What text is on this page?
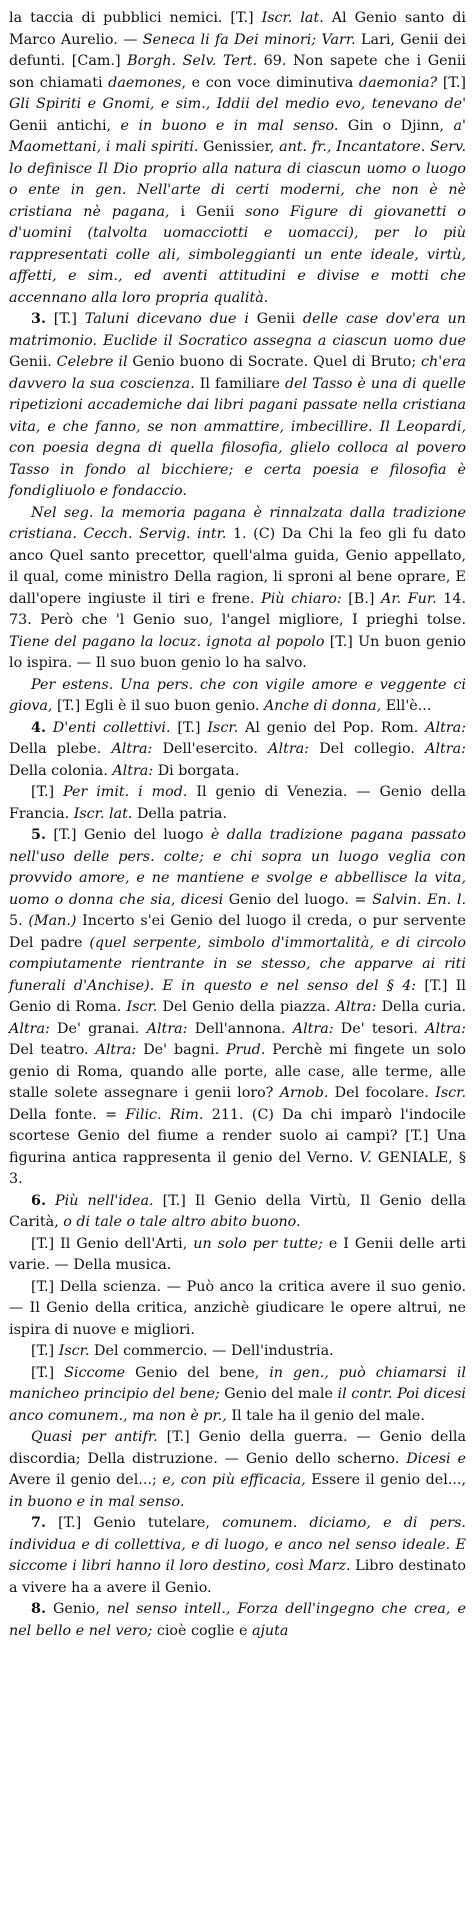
la taccia di pubblici nemici. [T.] Iscr. lat. Al Genio santo di Marco Aurelio. — Seneca li fa Dei minori; Varr. Lari, Genii dei defunti. [Cam.] Borgh. Selv. Tert. 69. Non sapete che i Genii son chiamati daemones, e con voce diminutiva daemonia? [T.] Gli Spiriti e Gnomi, e sim., Iddii del medio evo, tenevano de' Genii antichi, e in buono e in mal senso. Gin o Djinn, a' Maomettani, i mali spiriti. Genissier, ant. fr., Incantatore. Serv. lo definisce Il Dio proprio alla natura di ciascun uomo o luogo o ente in gen. Nell'arte di certi moderni, che non è nè cristiana nè pagana, i Genii sono Figure di giovanetti o d'uomini (talvolta uomacciotti e uomacci), per lo più rappresentati colle ali, simboleggianti un ente ideale, virtù, affetti, e sim., ed aventi attitudini e divise e motti che accennano alla loro propria qualità.

3. [T.] Taluni dicevano due i Genii delle case dov'era un matrimonio. Euclide il Socratico assegna a ciascun uomo due Genii. Celebre il Genio buono di Socrate. Quel di Bruto; ch'era davvero la sua coscienza. Il familiare del Tasso è una di quelle ripetizioni accademiche dai libri pagani passate nella cristiana vita, e che fanno, se non ammattire, imbecillire. Il Leopardi, con poesia degna di quella filosofia, glielo colloca al povero Tasso in fondo al bicchiere; e certa poesia e filosofia è fondigliuolo e fondaccio.

Nel seg. la memoria pagana è rinnalzata dalla tradizione cristiana. Cecch. Servig. intr. 1. (C) Da Chi la feo gli fu dato anco Quel santo precettor, quell'alma guida, Genio appellato, il qual, come ministro Della ragion, li sproni al bene oprare, E dall'opere ingiuste il tiri e frene. Più chiaro: [B.] Ar. Fur. 14. 73. Però che 'l Genio suo, l'angel migliore, I prieghi tolse. Tiene del pagano la locuz. ignota al popolo [T.] Un buon genio lo ispira. — Il suo buon genio lo ha salvo.

Per estens. Una pers. che con vigile amore e veggente ci giova, [T.] Egli è il suo buon genio. Anche di donna, Ell'è...

4. D'enti collettivi. [T.] Iscr. Al genio del Pop. Rom. Altra: Della plebe. Altra: Dell'esercito. Altra: Del collegio. Altra: Della colonia. Altra: Di borgata.

[T.] Per imit. i mod. Il genio di Venezia. — Genio della Francia. Iscr. lat. Della patria.

5. [T.] Genio del luogo è dalla tradizione pagana passato nell'uso delle pers. colte; e chi sopra un luogo veglia con provvido amore, e ne mantiene e svolge e abbellisce la vita, uomo o donna che sia, dicesi Genio del luogo. = Salvin. En. l. 5. (Man.) Incerto s'ei Genio del luogo il creda, o pur servente Del padre (quel serpente, simbolo d'immortalità, e di circolo compiutamente rientrante in se stesso, che apparve ai riti funerali d'Anchise). E in questo e nel senso del § 4: [T.] Il Genio di Roma. Iscr. Del Genio della piazza. Altra: Della curia. Altra: De' granai. Altra: Dell'annona. Altra: De' tesori. Altra: Del teatro. Altra: De' bagni. Prud. Perchè mi fingete un solo genio di Roma, quando alle porte, alle case, alle terme, alle stalle solete assegnare i genii loro? Arnob. Del focolare. Iscr. Della fonte. = Filic. Rim. 211. (C) Da chi imparò l'indocile scortese Genio del fiume a render suolo ai campi? [T.] Una figurina antica rappresenta il genio del Verno. V. GENIALE, § 3.

6. Più nell'idea. [T.] Il Genio della Virtù, Il Genio della Carità, o di tale o tale altro abito buono.

[T.] Il Genio dell'Arti, un solo per tutte; e I Genii delle arti varie. — Della musica.

[T.] Della scienza. — Può anco la critica avere il suo genio. — Il Genio della critica, anzichè giudicare le opere altrui, ne ispira di nuove e migliori.

[T.] Iscr. Del commercio. — Dell'industria.

[T.] Siccome Genio del bene, in gen., può chiamarsi il manicheo principio del bene; Genio del male il contr. Poi dicesi anco comunem., ma non è pr., Il tale ha il genio del male.

Quasi per antifr. [T.] Genio della guerra. — Genio della discordia; Della distruzione. — Genio dello scherno. Dicesi e Avere il genio del...; e, con più efficacia, Essere il genio del..., in buono e in mal senso.

7. [T.] Genio tutelare, comunem. diciamo, e di pers. individua e di collettiva, e di luogo, e anco nel senso ideale. E siccome i libri hanno il loro destino, così Marz. Libro destinato a vivere ha a avere il Genio.

8. Genio, nel senso intell., Forza dell'ingegno che crea, e nel bello e nel vero; cioè coglie e ajuta
